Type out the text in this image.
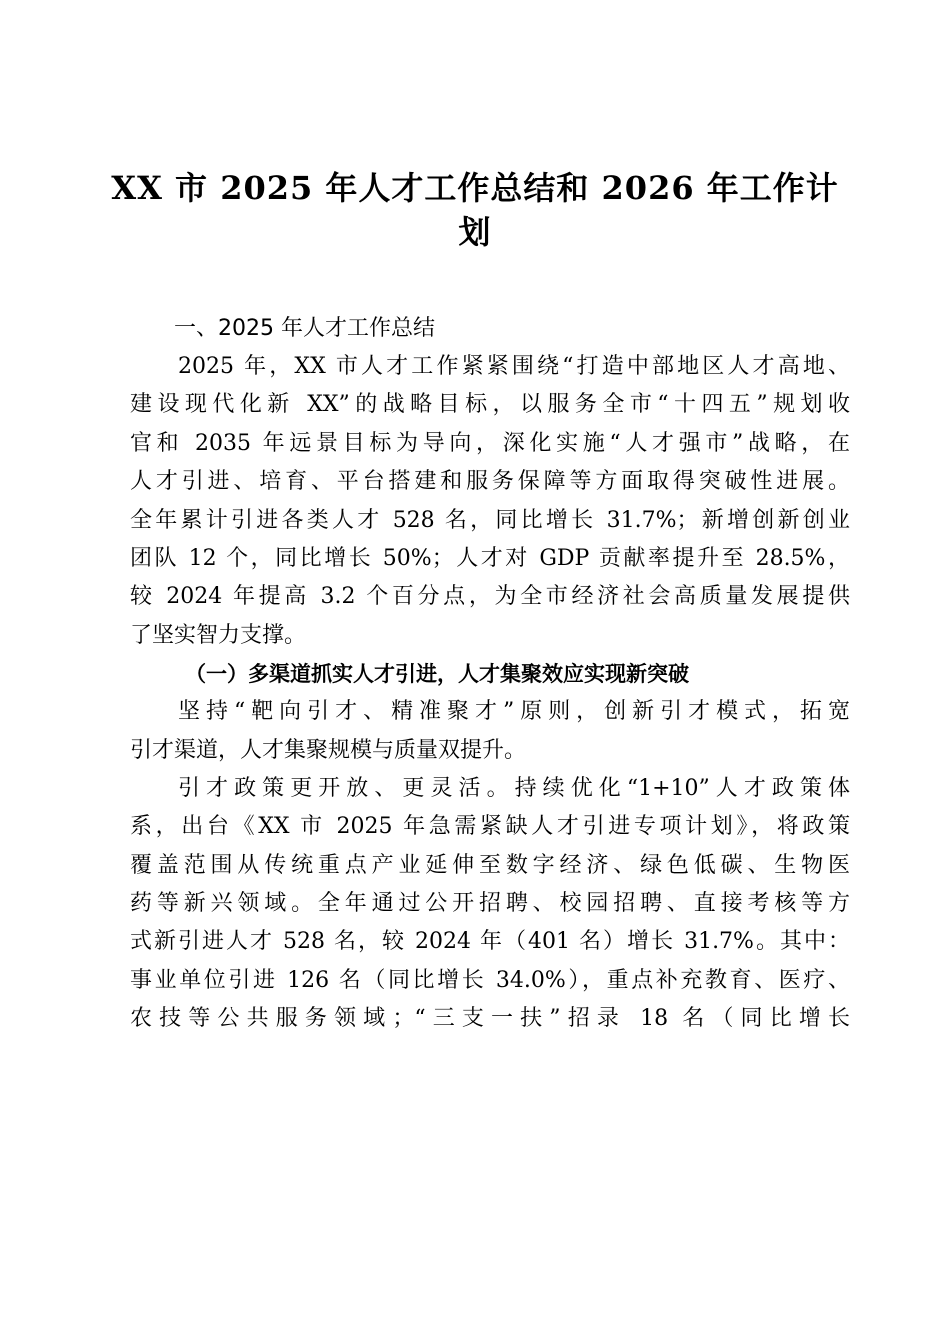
XX 市 2025 年人才工作总结和 2026 年工作计
划

一、2025 年人才工作总结

2025 年，XX 市人才工作紧紧围绕“打造中部地区人才高地、
建设现代化新 XX”的战略目标，以服务全市“十四五”规划收
官和 2035 年远景目标为导向，深化实施“人才强市”战略，在
人才引进、培育、平台搭建和服务保障等方面取得突破性进展。
全年累计引进各类人才 528 名，同比增长 31.7%；新增创新创业
团队 12 个，同比增长 50%；人才对 GDP 贡献率提升至 28.5%，
较 2024 年提高 3.2 个百分点，为全市经济社会高质量发展提供
了坚实智力支撑。

（一）多渠道抓实人才引进，人才集聚效应实现新突破

坚持“靶向引才、精准聚才”原则，创新引才模式，拓宽
引才渠道，人才集聚规模与质量双提升。

引才政策更开放、更灵活。持续优化“1+10”人才政策体
系，出台《XX 市 2025 年急需紧缺人才引进专项计划》，将政策
覆盖范围从传统重点产业延伸至数字经济、绿色低碳、生物医
药等新兴领域。全年通过公开招聘、校园招聘、直接考核等方
式新引进人才 528 名，较 2024 年（401 名）增长 31.7%。其中：
事业单位引进 126 名（同比增长 34.0%），重点补充教育、医疗、
农技等公共服务领域；“三支一扶”招录 18 名（同比增长
